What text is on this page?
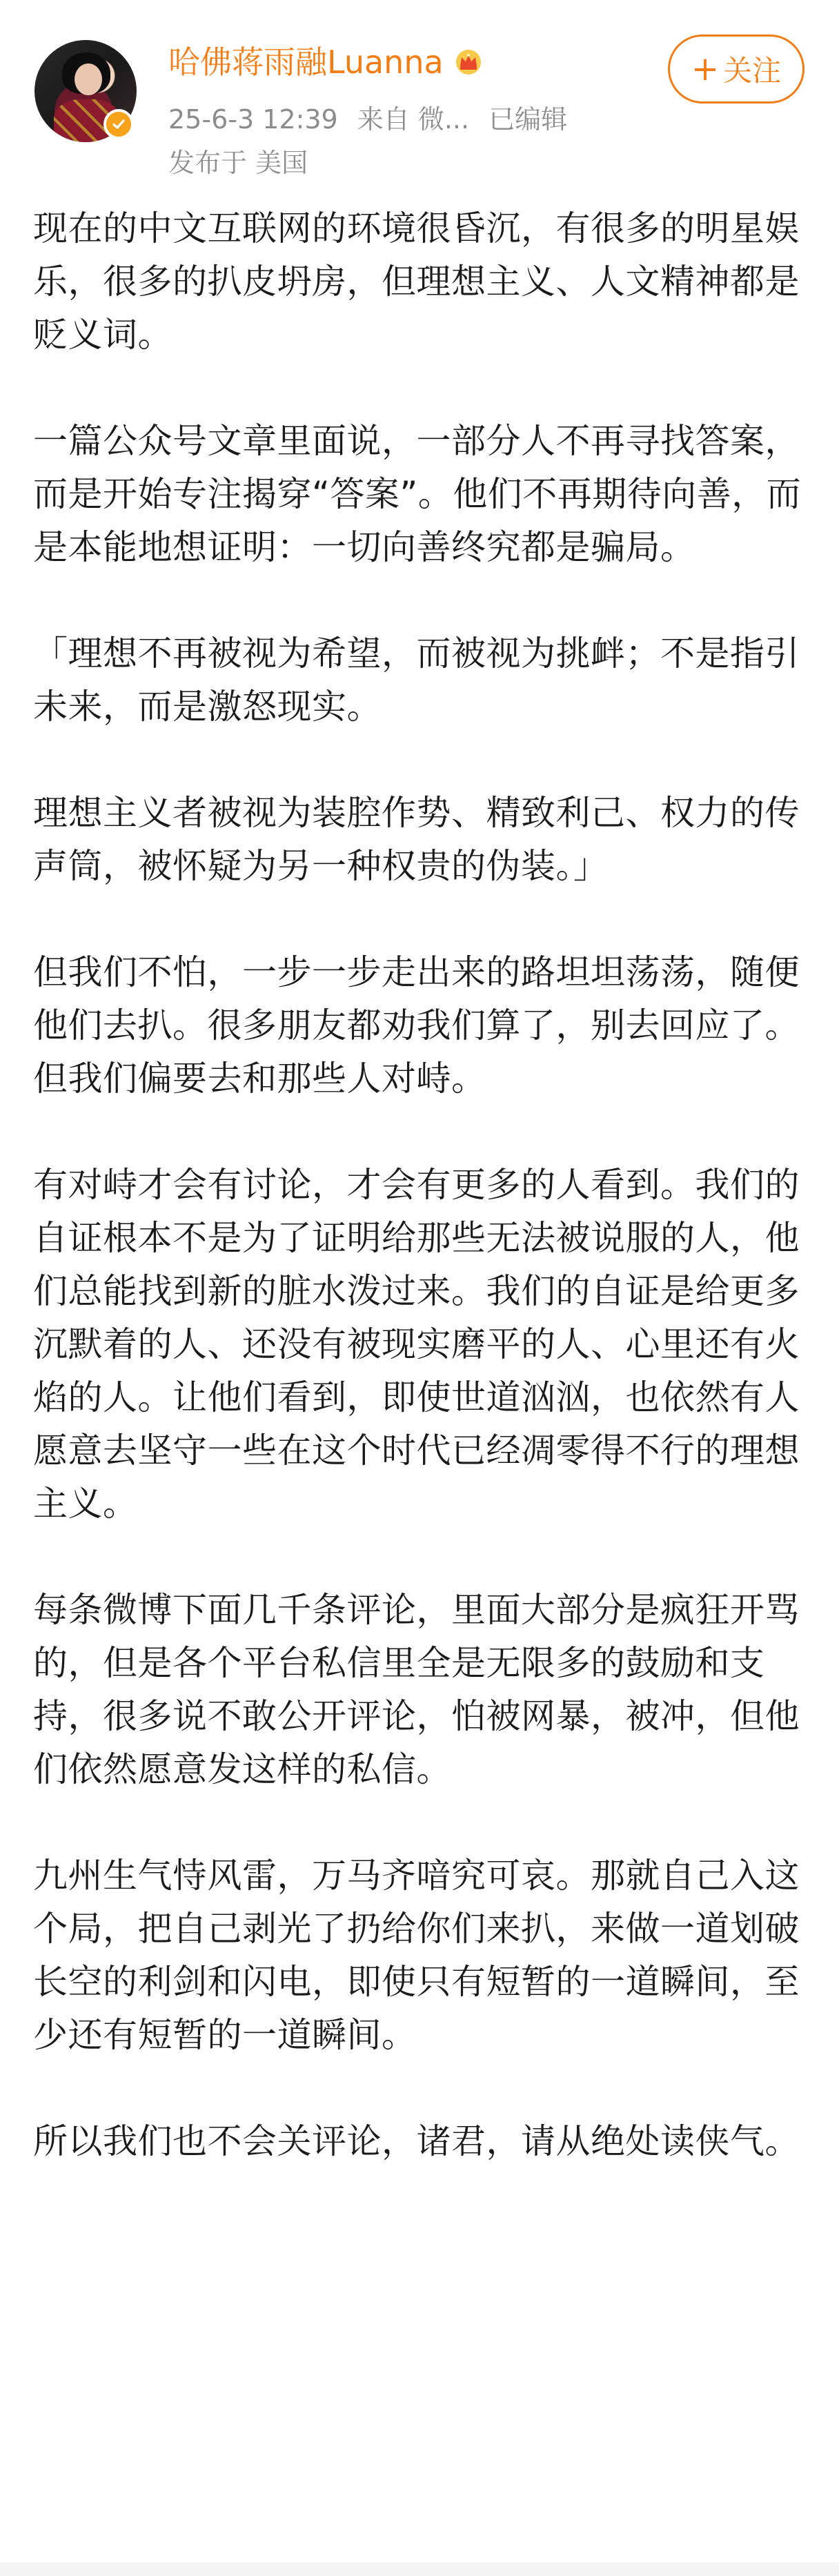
哈佛蒋雨融Luanna
25-6-3 12:39 来自 微... 已编辑
发布于 美国
+ 关注

现在的中文互联网的环境很昏沉，有很多的明星娱乐，很多的扒皮坍房，但理想主义、人文精神都是贬义词。

一篇公众号文章里面说，一部分人不再寻找答案，而是开始专注揭穿“答案”。他们不再期待向善，而是本能地想证明：一切向善终究都是骗局。

「理想不再被视为希望，而被视为挑衅；不是指引未来，而是激怒现实。

理想主义者被视为装腔作势、精致利己、权力的传声筒，被怀疑为另一种权贵的伪装。」

但我们不怕，一步一步走出来的路坦坦荡荡，随便他们去扒。很多朋友都劝我们算了，别去回应了。但我们偏要去和那些人对峙。

有对峙才会有讨论，才会有更多的人看到。我们的自证根本不是为了证明给那些无法被说服的人，他们总能找到新的脏水泼过来。我们的自证是给更多沉默着的人、还没有被现实磨平的人、心里还有火焰的人。让他们看到，即使世道汹汹，也依然有人愿意去坚守一些在这个时代已经凋零得不行的理想主义。

每条微博下面几千条评论，里面大部分是疯狂开骂的，但是各个平台私信里全是无限多的鼓励和支持，很多说不敢公开评论，怕被网暴，被冲，但他们依然愿意发这样的私信。

九州生气恃风雷，万马齐喑究可哀。那就自己入这个局，把自己剥光了扔给你们来扒，来做一道划破长空的利剑和闪电，即使只有短暂的一道瞬间，至少还有短暂的一道瞬间。

所以我们也不会关评论，诸君，请从绝处读侠气。
